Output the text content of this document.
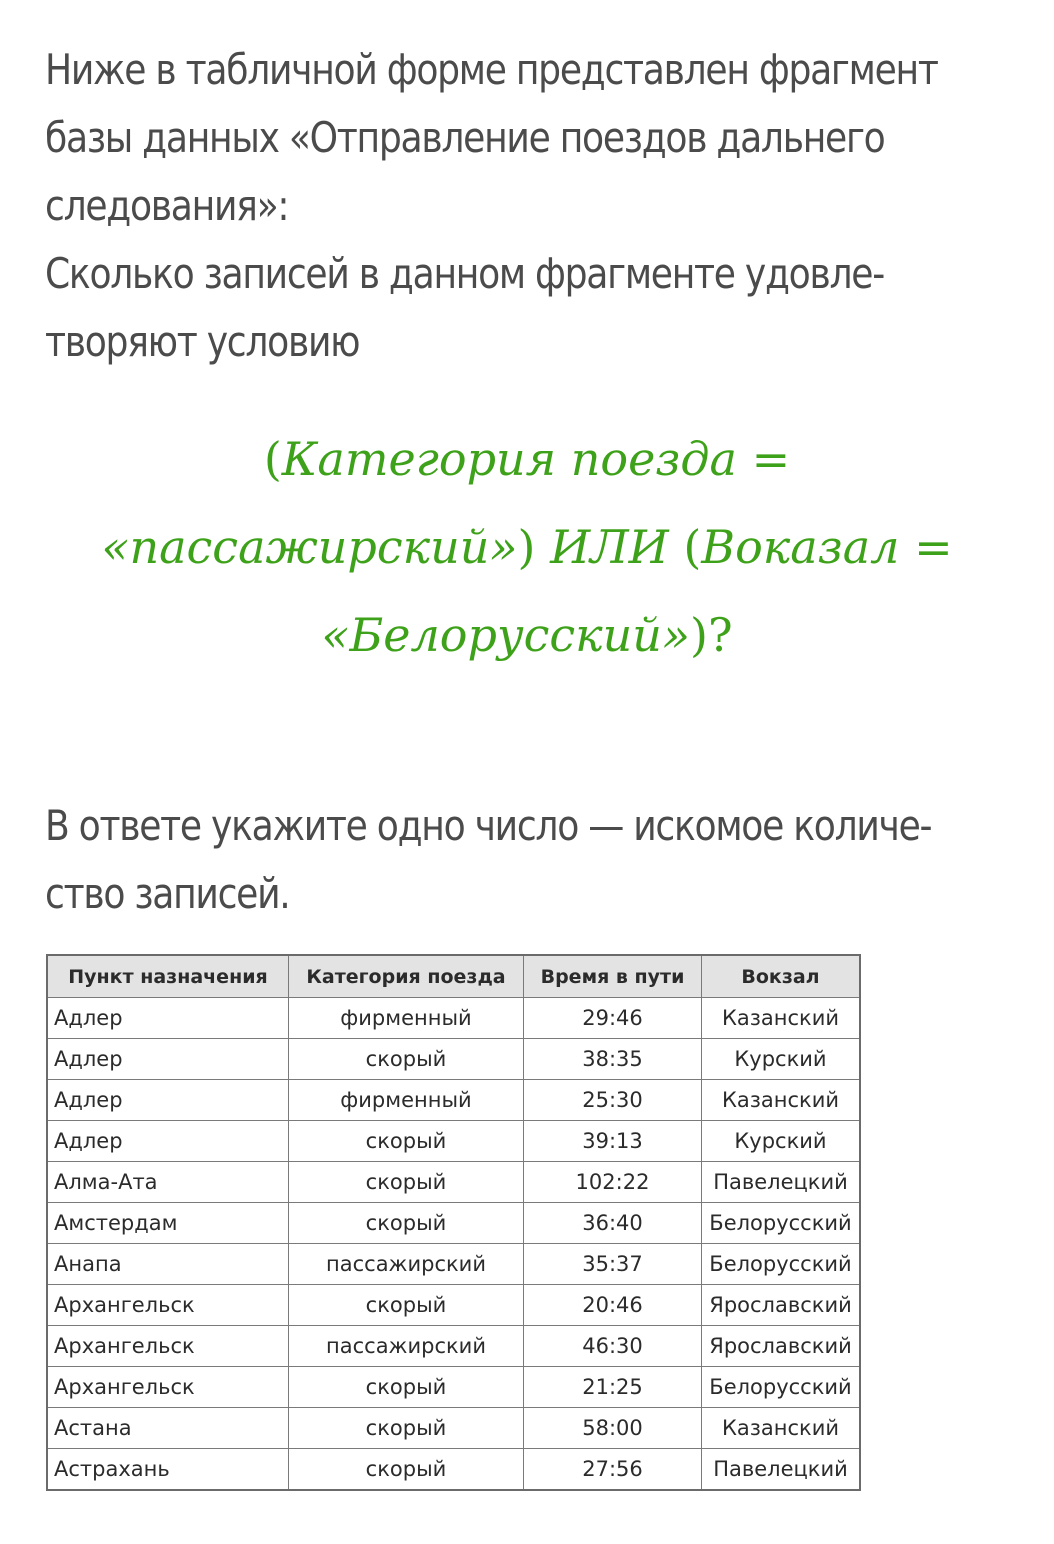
Ниже в табличной форме представлен фрагмент
базы данных «Отправление поездов дальнего
следования»:
Сколько записей в данном фрагменте удовле-
творяют условию
(Категория поезда =
«пассажирский») ИЛИ (Воказал =
«Белорусский»)?
В ответе укажите одно число — искомое количе-
ство записей.
Пункт назначения	Категория поезда	Время в пути	Вокзал
Адлер	фирменный	29:46	Казанский
Адлер	скорый	38:35	Курский
Адлер	фирменный	25:30	Казанский
Адлер	скорый	39:13	Курский
Алма-Ата	скорый	102:22	Павелецкий
Амстердам	скорый	36:40	Белорусский
Анапа	пассажирский	35:37	Белорусский
Архангельск	скорый	20:46	Ярославский
Архангельск	пассажирский	46:30	Ярославский
Архангельск	скорый	21:25	Белорусский
Астана	скорый	58:00	Казанский
Астрахань	скорый	27:56	Павелецкий
